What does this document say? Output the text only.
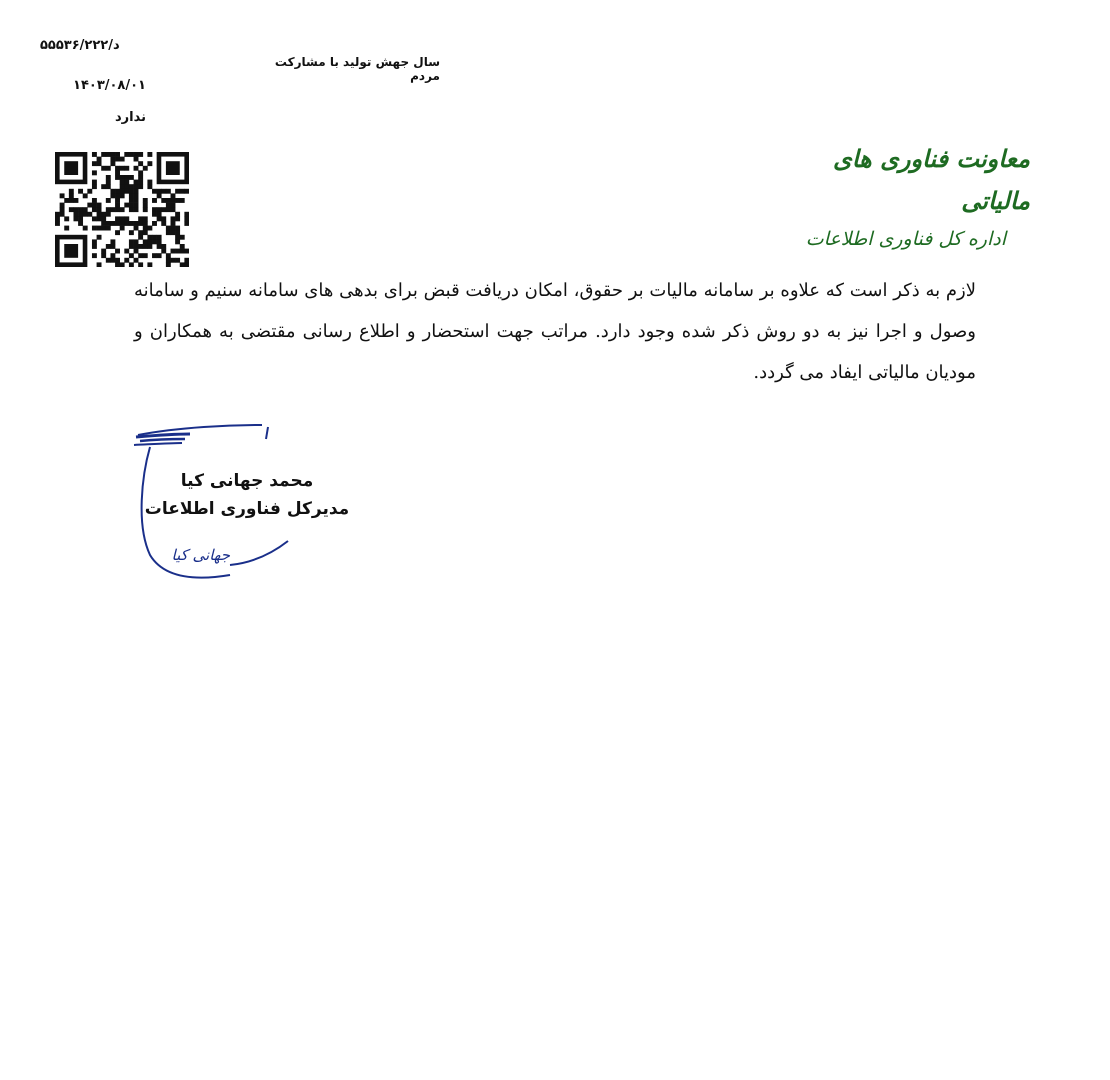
۵۵۵۳۶/۲۲۲/د
۱۴۰۳/۰۸/۰۱
ندارد
سال جهش تولید با مشارکت مردم
معاونت فناوری های مالیاتی
اداره کل فناوری اطلاعات
لازم به ذکر است که علاوه بر سامانه مالیات بر حقوق، امکان دریافت قبض برای بدهی های سامانه سنیم و سامانه وصول و اجرا نیز به دو روش ذکر شده وجود دارد. مراتب جهت استحضار و اطلاع رسانی مقتضی به همکاران و مودیان مالیاتی ایفاد می گردد.
جهانی کیا
محمد جهانی کیا
مدیرکل فناوری اطلاعات
